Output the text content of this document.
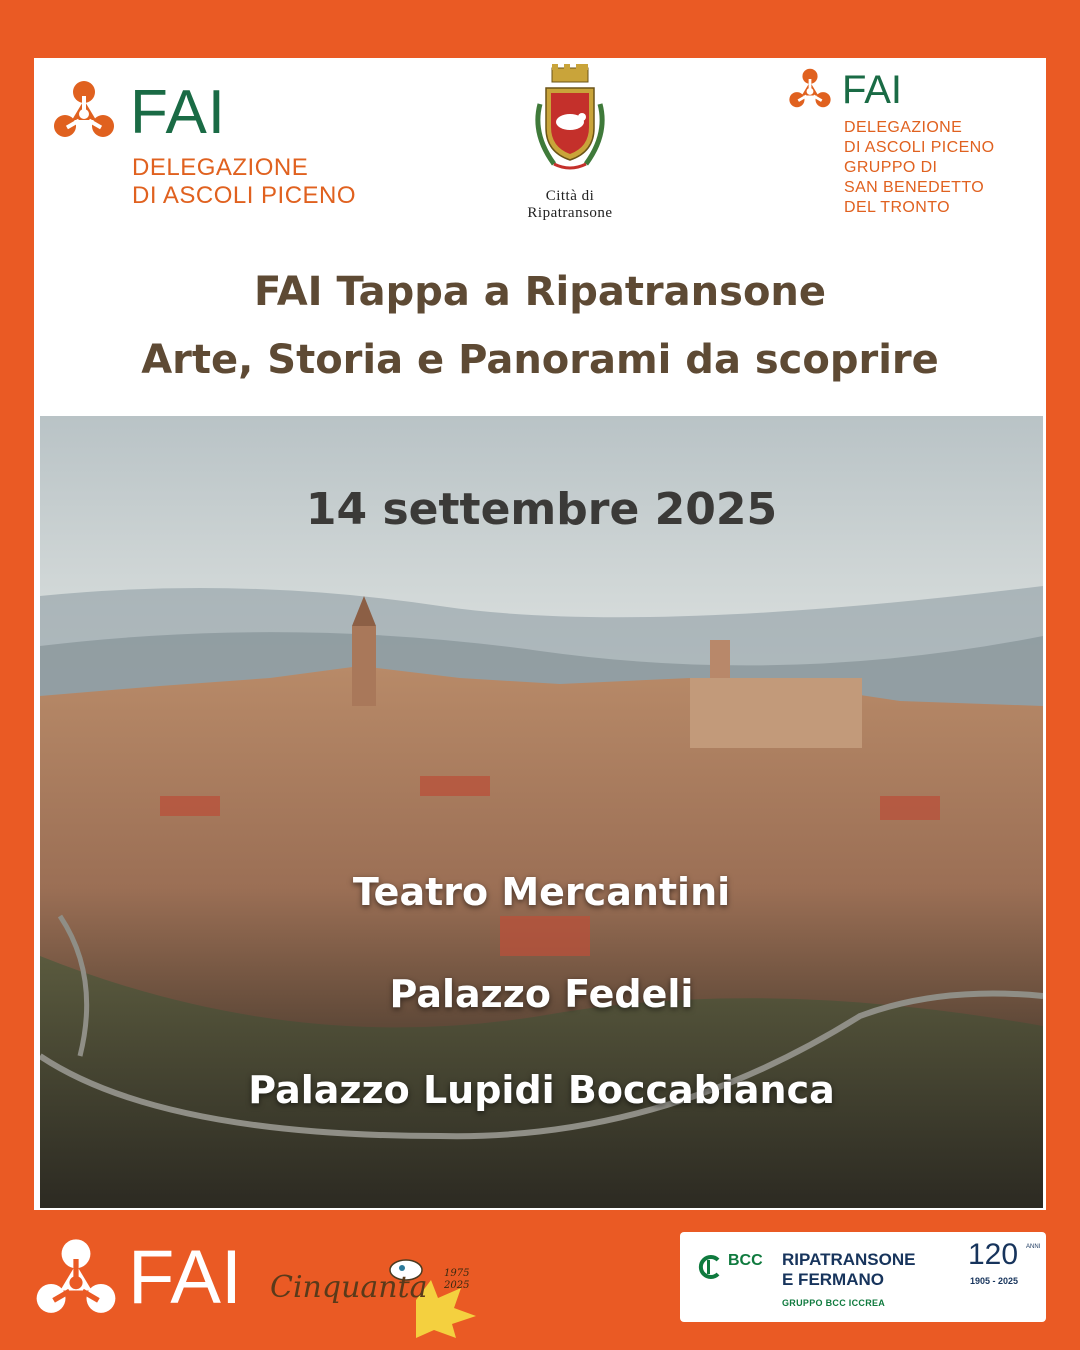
FAI
DELEGAZIONE
DI ASCOLI PICENO	Città di
Ripatransone
FAI
DELEGAZIONE
DI ASCOLI PICENO
GRUPPO DI
SAN BENEDETTO
DEL TRONTO
FAI Tappa a Ripatransone
Arte, Storia e Panorami da scoprire
14 settembre 2025
Teatro Mercantini
Palazzo Fedeli
Palazzo Lupidi Boccabianca
FAI Cinquanta 1975
2025
BCC RIPATRANSONE
E FERMANO
GRUPPO BCC ICCREA
120 ANNI
1905 - 2025
